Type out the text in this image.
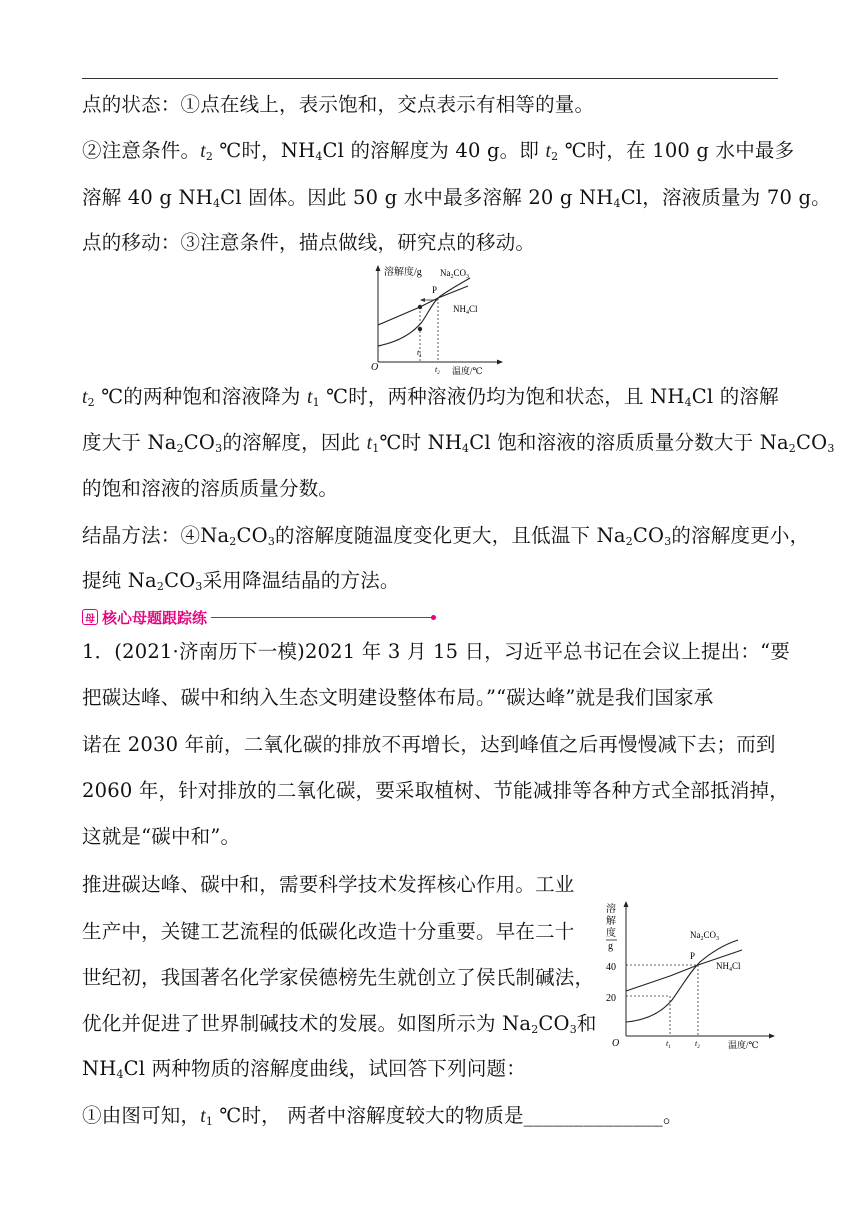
点的状态：①点在线上，表示饱和，交点表示有相等的量。
②注意条件。$t_2$ ℃时，$NH_4Cl$ 的溶解度为 40 g。即 $t_2$ ℃时，在 100 g 水中最多
溶解 40 g $NH_4Cl$ 固体。因此 50 g 水中最多溶解 20 g $NH_4Cl$，溶液质量为 70 g。
点的移动：③注意条件，描点做线，研究点的移动。
溶解度/g
O	温度/℃
P
$Na_2CO_3$
$NH_4Cl$
$t_1$
$t_2$
$t_2$ ℃的两种饱和溶液降为 $t_1$ ℃时，两种溶液仍均为饱和状态，且 $NH_4Cl$ 的溶解
度大于 $Na_2CO_3$的溶解度，因此 $t_1℃$时 $NH_4Cl$ 饱和溶液的溶质质量分数大于 $Na_2CO_3$
的饱和溶液的溶质质量分数。
结晶方法：$④Na_2CO_3$的溶解度随温度变化更大，且低温下 $Na_2CO_3$的溶解度更小，
提纯 $Na_2CO_3$采用降温结晶的方法。
母 核心母题跟踪练
1．(2021·济南历下一模)2021 年 3 月 15 日，习近平总书记在会议上提出：“要
把碳达峰、碳中和纳入生态文明建设整体布局。”“碳达峰”就是我们国家承
诺在 2030 年前，二氧化碳的排放不再增长，达到峰值之后再慢慢减下去；而到
2060 年，针对排放的二氧化碳，要采取植树、节能减排等各种方式全部抵消掉，
这就是“碳中和”。
推进碳达峰、碳中和，需要科学技术发挥核心作用。工业
生产中，关键工艺流程的低碳化改造十分重要。早在二十
世纪初，我国著名化学家侯德榜先生就创立了侯氏制碱法，
优化并促进了世界制碱技术的发展。如图所示为 $Na_2CO_3$和
$NH_4Cl$ 两种物质的溶解度曲线，试回答下列问题：
①由图可知，$t_1$ ℃时， 两者中溶解度较大的物质是______________。
溶
解
度
g
40
20
O	温度/℃
P
$Na_2CO_3$
$NH_4Cl$
$t_1$	$t_2$
